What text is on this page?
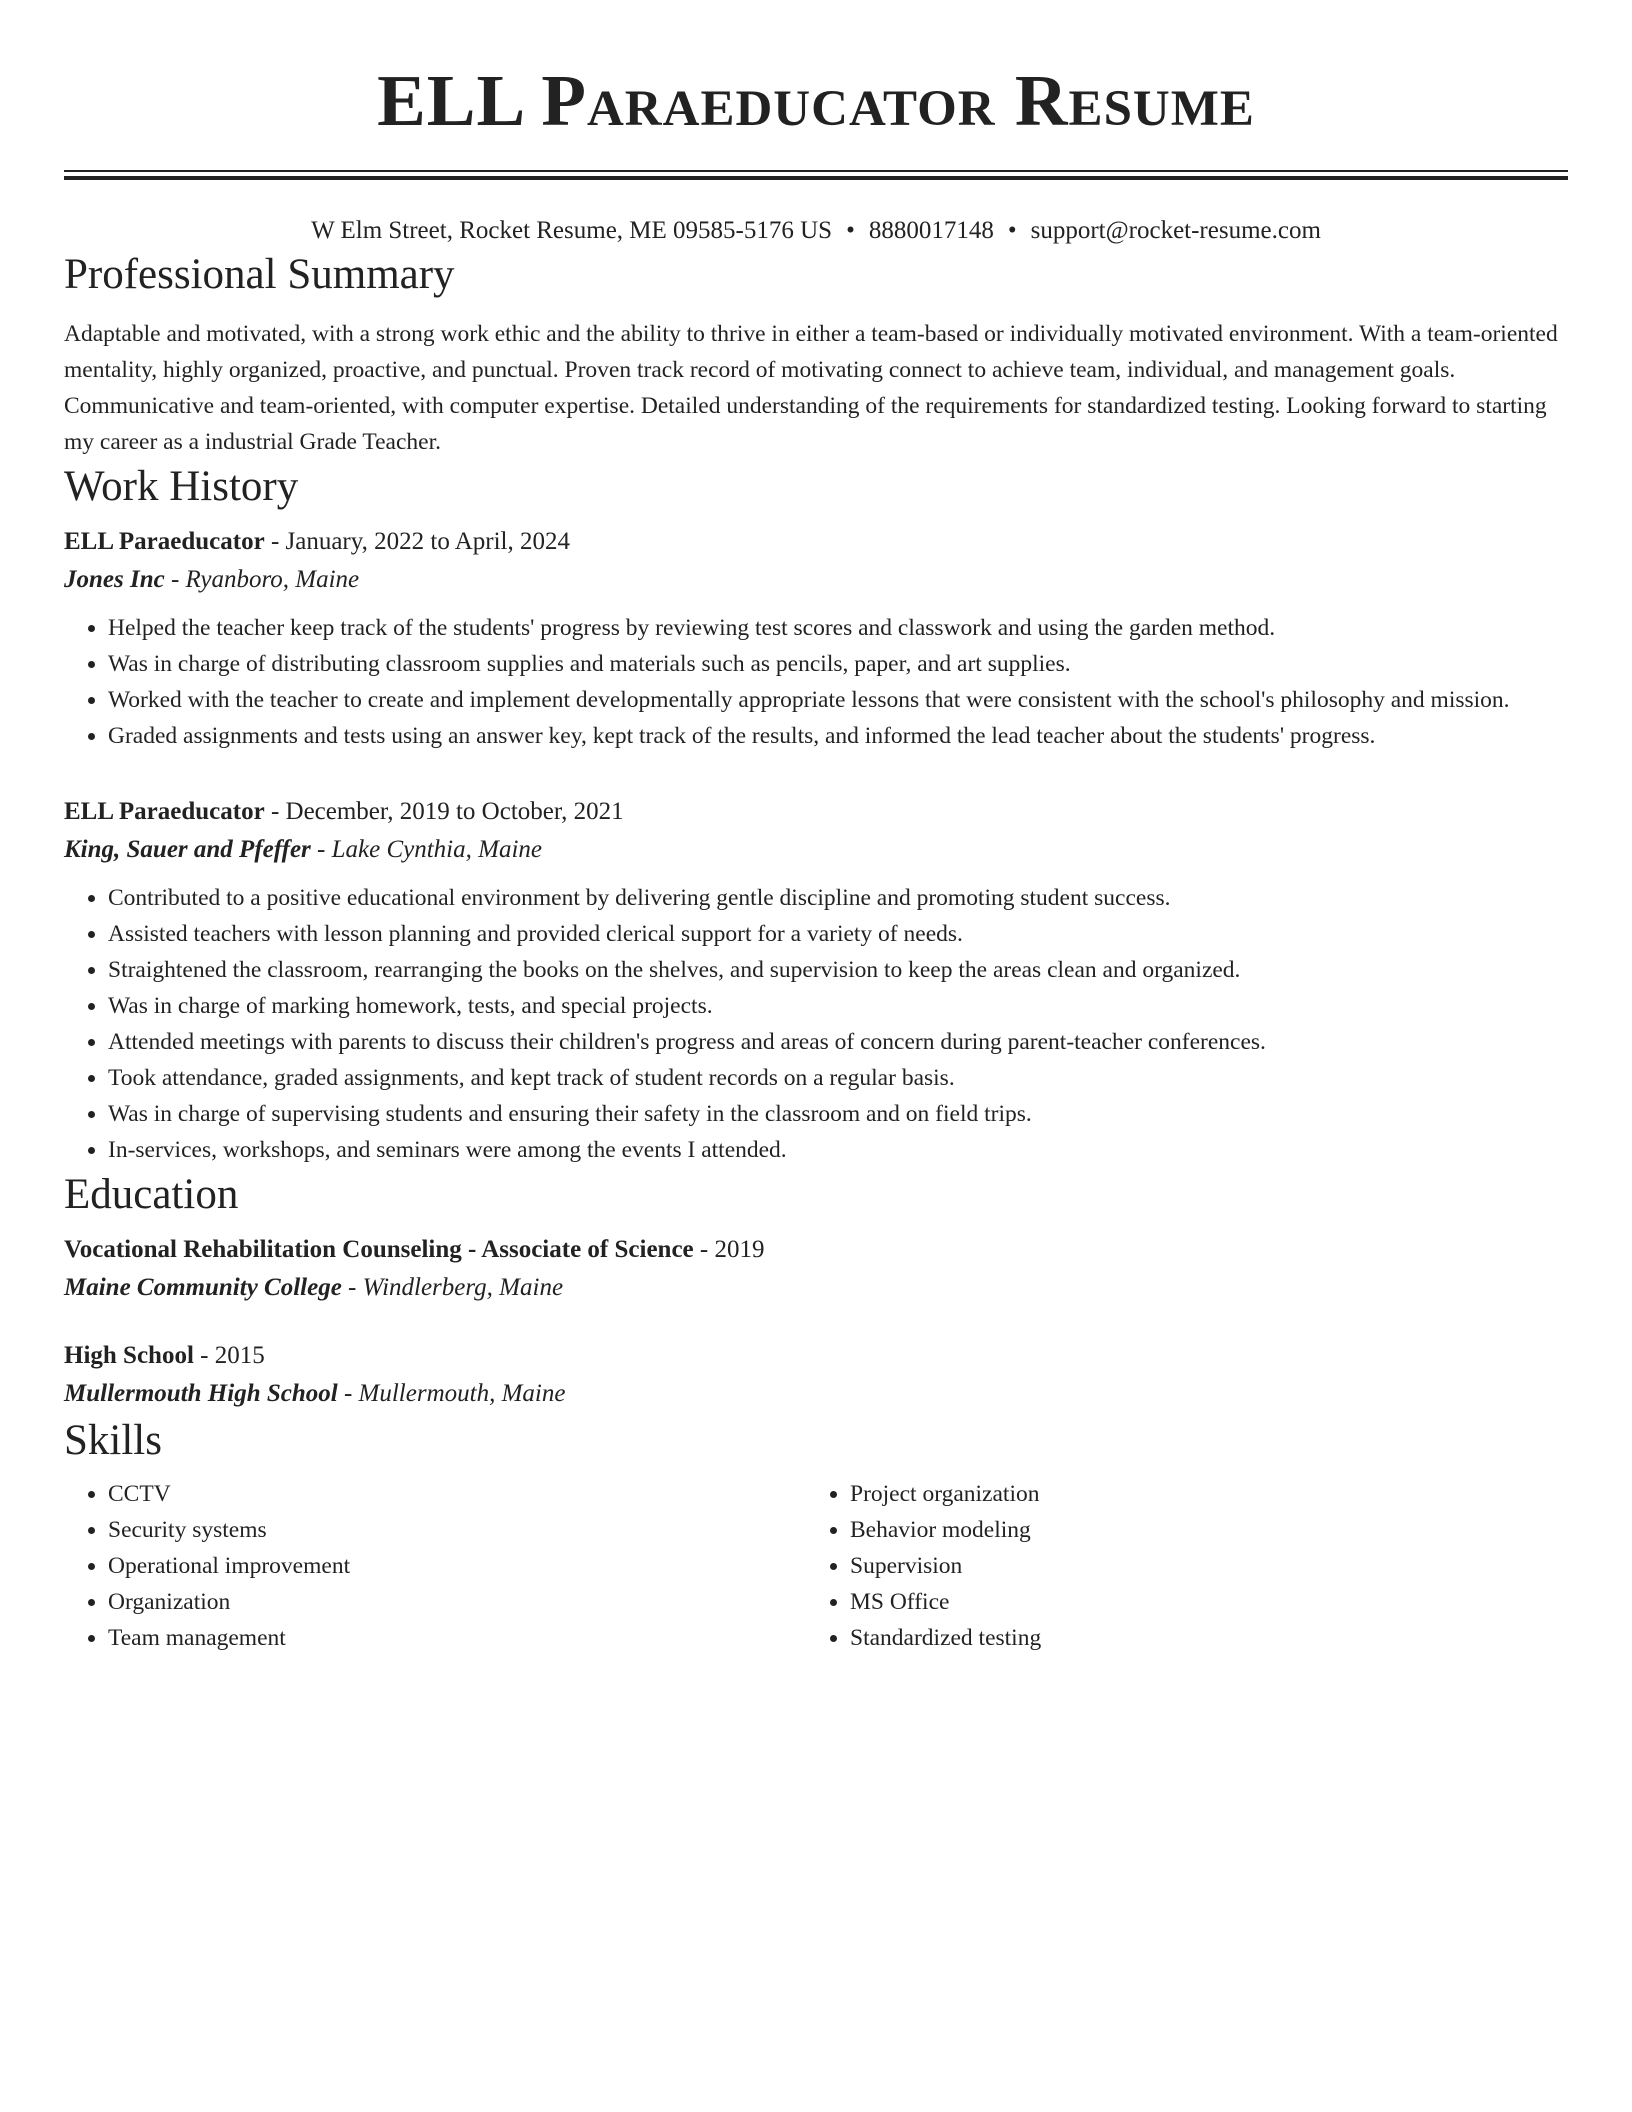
ELL Paraeducator Resume
W Elm Street, Rocket Resume, ME 09585-5176 US • 8880017148 • support@rocket-resume.com
Professional Summary

Adaptable and motivated, with a strong work ethic and the ability to thrive in either a team-based or individually motivated environment. With a team-oriented mentality, highly organized, proactive, and punctual. Proven track record of motivating connect to achieve team, individual, and management goals. Communicative and team-oriented, with computer expertise. Detailed understanding of the requirements for standardized testing. Looking forward to starting my career as a industrial Grade Teacher.

Work History
ELL Paraeducator - January, 2022 to April, 2024
Jones Inc - Ryanboro, Maine
• Helped the teacher keep track of the students' progress by reviewing test scores and classwork and using the garden method.
• Was in charge of distributing classroom supplies and materials such as pencils, paper, and art supplies.
• Worked with the teacher to create and implement developmentally appropriate lessons that were consistent with the school's philosophy and mission.
• Graded assignments and tests using an answer key, kept track of the results, and informed the lead teacher about the students' progress.
ELL Paraeducator - December, 2019 to October, 2021
King, Sauer and Pfeffer - Lake Cynthia, Maine
• Contributed to a positive educational environment by delivering gentle discipline and promoting student success.
• Assisted teachers with lesson planning and provided clerical support for a variety of needs.
• Straightened the classroom, rearranging the books on the shelves, and supervision to keep the areas clean and organized.
• Was in charge of marking homework, tests, and special projects.
• Attended meetings with parents to discuss their children's progress and areas of concern during parent-teacher conferences.
• Took attendance, graded assignments, and kept track of student records on a regular basis.
• Was in charge of supervising students and ensuring their safety in the classroom and on field trips.
• In-services, workshops, and seminars were among the events I attended.
Education
Vocational Rehabilitation Counseling - Associate of Science - 2019
Maine Community College - Windlerberg, Maine
High School - 2015
Mullermouth High School - Mullermouth, Maine
Skills
• CCTV
• Security systems
• Operational improvement
• Organization
• Team management
• Project organization
• Behavior modeling
• Supervision
• MS Office
• Standardized testing
